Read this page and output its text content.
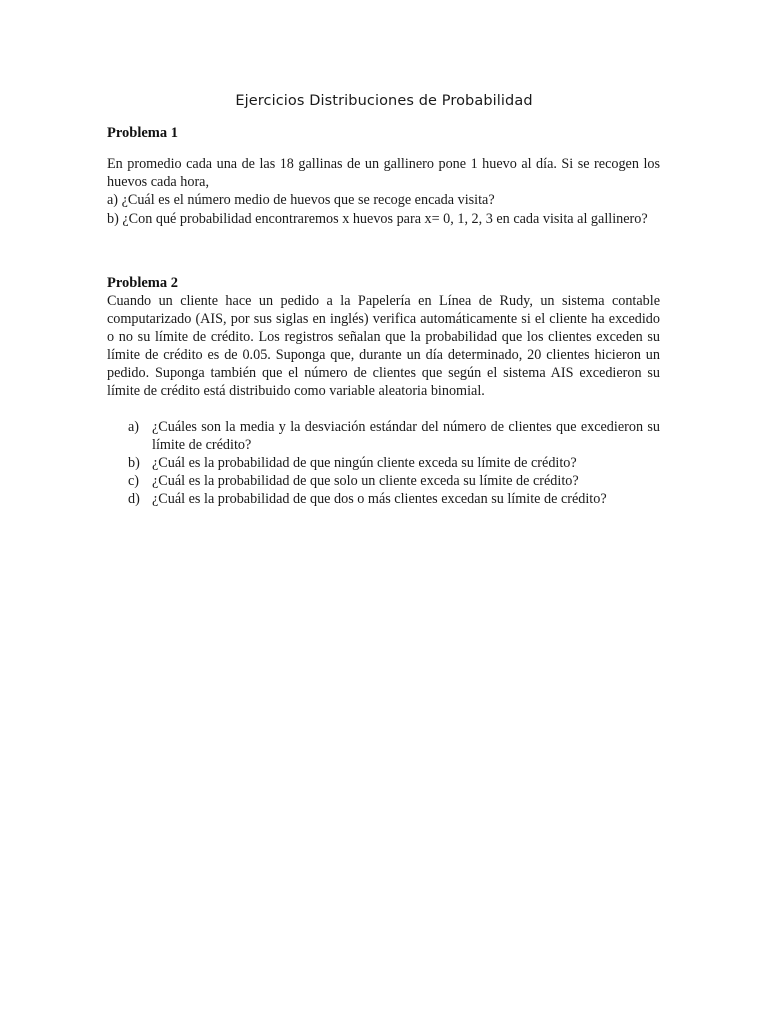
Ejercicios Distribuciones de Probabilidad
Problema 1
En promedio cada una de las 18 gallinas de un gallinero pone 1 huevo al día. Si se recogen los huevos cada hora,
a) ¿Cuál es el número medio de huevos que se recoge encada visita?
b) ¿Con qué probabilidad encontraremos x huevos para x= 0, 1, 2, 3 en cada visita al gallinero?
Problema 2
Cuando un cliente hace un pedido a la Papelería en Línea de Rudy, un sistema contable computarizado (AIS, por sus siglas en inglés) verifica automáticamente si el cliente ha excedido o no su límite de crédito. Los registros señalan que la probabilidad que los clientes exceden su límite de crédito es de 0.05. Suponga que, durante un día determinado, 20 clientes hicieron un pedido. Suponga también que el número de clientes que según el sistema AIS excedieron su límite de crédito está distribuido como variable aleatoria binomial.
a) ¿Cuáles son la media y la desviación estándar del número de clientes que excedieron su límite de crédito?
b) ¿Cuál es la probabilidad de que ningún cliente exceda su límite de crédito?
c) ¿Cuál es la probabilidad de que solo un cliente exceda su límite de crédito?
d) ¿Cuál es la probabilidad de que dos o más clientes excedan su límite de crédito?
